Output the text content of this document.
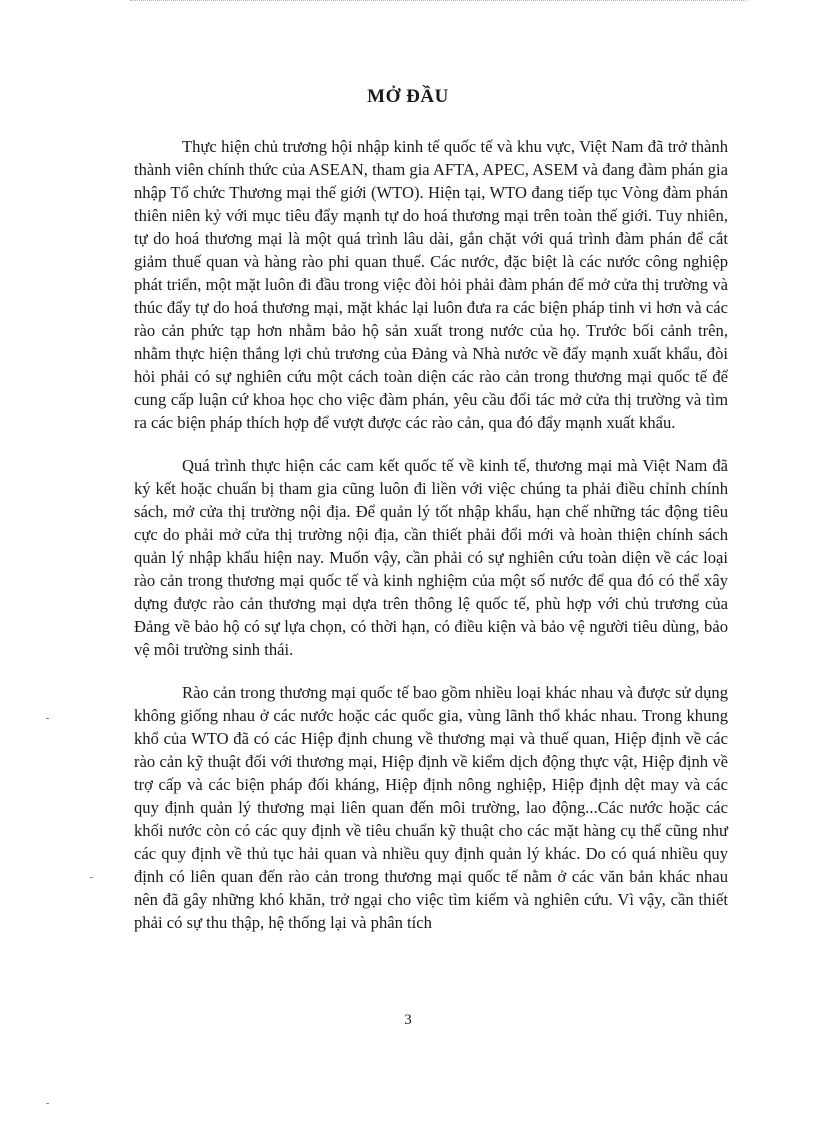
MỞ ĐẦU

Thực hiện chủ trương hội nhập kinh tế quốc tế và khu vực, Việt Nam đã trở thành thành viên chính thức của ASEAN, tham gia AFTA, APEC, ASEM và đang đàm phán gia nhập Tổ chức Thương mại thế giới (WTO). Hiện tại, WTO đang tiếp tục Vòng đàm phán thiên niên kỷ với mục tiêu đẩy mạnh tự do hoá thương mại trên toàn thế giới. Tuy nhiên, tự do hoá thương mại là một quá trình lâu dài, gắn chặt với quá trình đàm phán để cắt giảm thuế quan và hàng rào phi quan thuế. Các nước, đặc biệt là các nước công nghiệp phát triển, một mặt luôn đi đầu trong việc đòi hỏi phải đàm phán để mở cửa thị trường và thúc đẩy tự do hoá thương mại, mặt khác lại luôn đưa ra các biện pháp tinh vi hơn và các rào cản phức tạp hơn nhằm bảo hộ sản xuất trong nước của họ. Trước bối cảnh trên, nhằm thực hiện thắng lợi chủ trương của Đảng và Nhà nước về đẩy mạnh xuất khẩu, đòi hỏi phải có sự nghiên cứu một cách toàn diện các rào cản trong thương mại quốc tế để cung cấp luận cứ khoa học cho việc đàm phán, yêu cầu đối tác mở cửa thị trường và tìm ra các biện pháp thích hợp để vượt được các rào cản, qua đó đẩy mạnh xuất khẩu.

Quá trình thực hiện các cam kết quốc tế về kinh tế, thương mại mà Việt Nam đã ký kết hoặc chuẩn bị tham gia cũng luôn đi liền với việc chúng ta phải điều chỉnh chính sách, mở cửa thị trường nội địa. Để quản lý tốt nhập khẩu, hạn chế những tác động tiêu cực do phải mở cửa thị trường nội địa, cần thiết phải đổi mới và hoàn thiện chính sách quản lý nhập khẩu hiện nay. Muốn vậy, cần phải có sự nghiên cứu toàn diện về các loại rào cản trong thương mại quốc tế và kinh nghiệm của một số nước để qua đó có thể xây dựng được rào cản thương mại dựa trên thông lệ quốc tế, phù hợp với chủ trương của Đảng về bảo hộ có sự lựa chọn, có thời hạn, có điều kiện và bảo vệ người tiêu dùng, bảo vệ môi trường sinh thái.

Rào cản trong thương mại quốc tế bao gồm nhiều loại khác nhau và được sử dụng không giống nhau ở các nước hoặc các quốc gia, vùng lãnh thổ khác nhau. Trong khung khổ của WTO đã có các Hiệp định chung về thương mại và thuế quan, Hiệp định về các rào cản kỹ thuật đối với thương mại, Hiệp định về kiểm dịch động thực vật, Hiệp định về trợ cấp và các biện pháp đối kháng, Hiệp định nông nghiệp, Hiệp định dệt may và các quy định quản lý thương mại liên quan đến môi trường, lao động...Các nước hoặc các khối nước còn có các quy định về tiêu chuẩn kỹ thuật cho các mặt hàng cụ thể cũng như các quy định về thủ tục hải quan và nhiều quy định quản lý khác. Do có quá nhiều quy định có liên quan đến rào cản trong thương mại quốc tế nằm ở các văn bản khác nhau nên đã gây những khó khăn, trở ngại cho việc tìm kiếm và nghiên cứu. Vì vậy, cần thiết phải có sự thu thập, hệ thống lại và phân tích

3
